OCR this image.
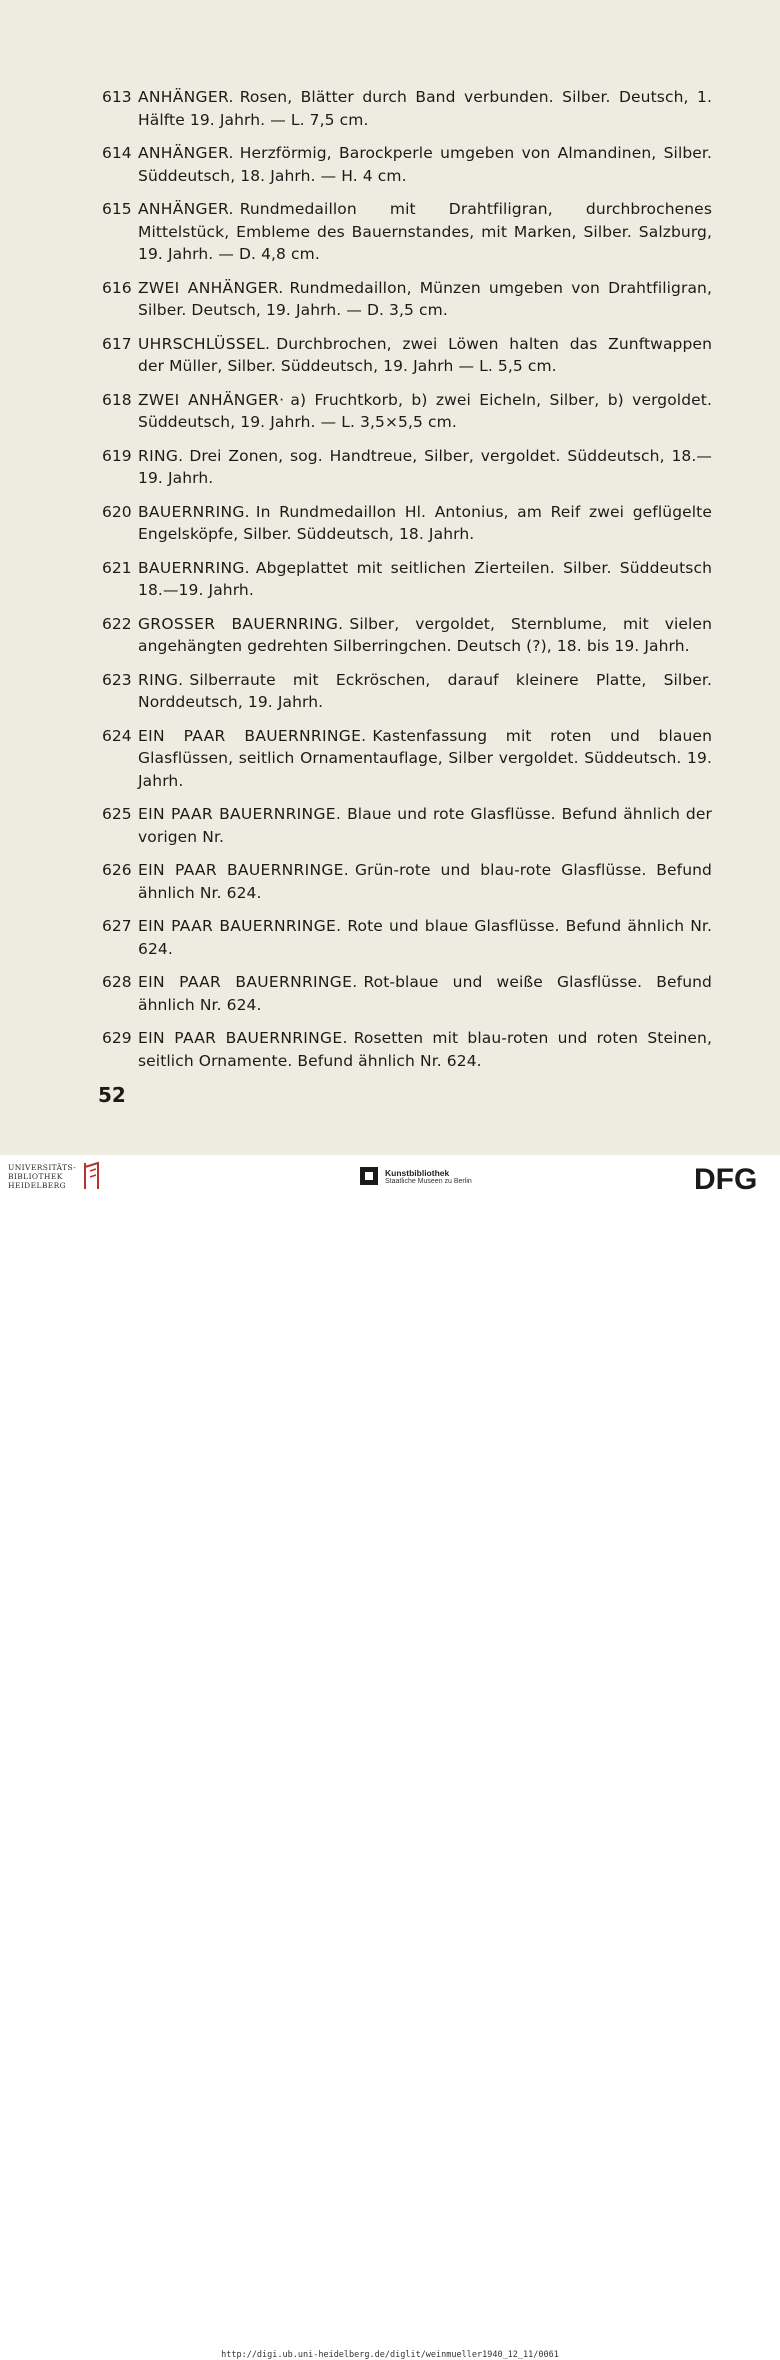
613 ANHÄNGER. Rosen, Blätter durch Band verbunden. Silber. Deutsch, 1. Hälfte 19. Jahrh. — L. 7,5 cm.
614 ANHÄNGER. Herzförmig, Barockperle umgeben von Almandinen, Silber. Süddeutsch, 18. Jahrh. — H. 4 cm.
615 ANHÄNGER. Rundmedaillon mit Drahtfiligran, durchbrochenes Mittelstück, Embleme des Bauernstandes, mit Marken, Silber. Salzburg, 19. Jahrh. — D. 4,8 cm.
616 ZWEI ANHÄNGER. Rundmedaillon, Münzen umgeben von Drahtfiligran, Silber. Deutsch, 19. Jahrh. — D. 3,5 cm.
617 UHRSCHLÜSSEL. Durchbrochen, zwei Löwen halten das Zunftwappen der Müller, Silber. Süddeutsch, 19. Jahrh — L. 5,5 cm.
618 ZWEI ANHÄNGER· a) Fruchtkorb, b) zwei Eicheln, Silber, b) vergoldet. Süddeutsch, 19. Jahrh. — L. 3,5×5,5 cm.
619 RING. Drei Zonen, sog. Handtreue, Silber, vergoldet. Süddeutsch, 18.—19. Jahrh.
620 BAUERNRING. In Rundmedaillon Hl. Antonius, am Reif zwei geflügelte Engelsköpfe, Silber. Süddeutsch, 18. Jahrh.
621 BAUERNRING. Abgeplattet mit seitlichen Zierteilen. Silber. Süddeutsch 18.—19. Jahrh.
622 GROSSER BAUERNRING. Silber, vergoldet, Sternblume, mit vielen angehängten gedrehten Silberringchen. Deutsch (?), 18. bis 19. Jahrh.
623 RING. Silberraute mit Eckröschen, darauf kleinere Platte, Silber. Norddeutsch, 19. Jahrh.
624 EIN PAAR BAUERNRINGE. Kastenfassung mit roten und blauen Glasflüssen, seitlich Ornamentauflage, Silber vergoldet. Süddeutsch. 19. Jahrh.
625 EIN PAAR BAUERNRINGE. Blaue und rote Glasflüsse. Befund ähnlich der vorigen Nr.
626 EIN PAAR BAUERNRINGE. Grün-rote und blau-rote Glasflüsse. Befund ähnlich Nr. 624.
627 EIN PAAR BAUERNRINGE. Rote und blaue Glasflüsse. Befund ähnlich Nr. 624.
628 EIN PAAR BAUERNRINGE. Rot-blaue und weiße Glasflüsse. Befund ähnlich Nr. 624.
629 EIN PAAR BAUERNRINGE. Rosetten mit blau-roten und roten Steinen, seitlich Ornamente. Befund ähnlich Nr. 624.
52
UNIVERSITÄTS-
BIBLIOTHEK
HEIDELBERG
Kunstbibliothek
Staatliche Museen zu Berlin	DFG
http://digi.ub.uni-heidelberg.de/diglit/weinmueller1940_12_11/0061
